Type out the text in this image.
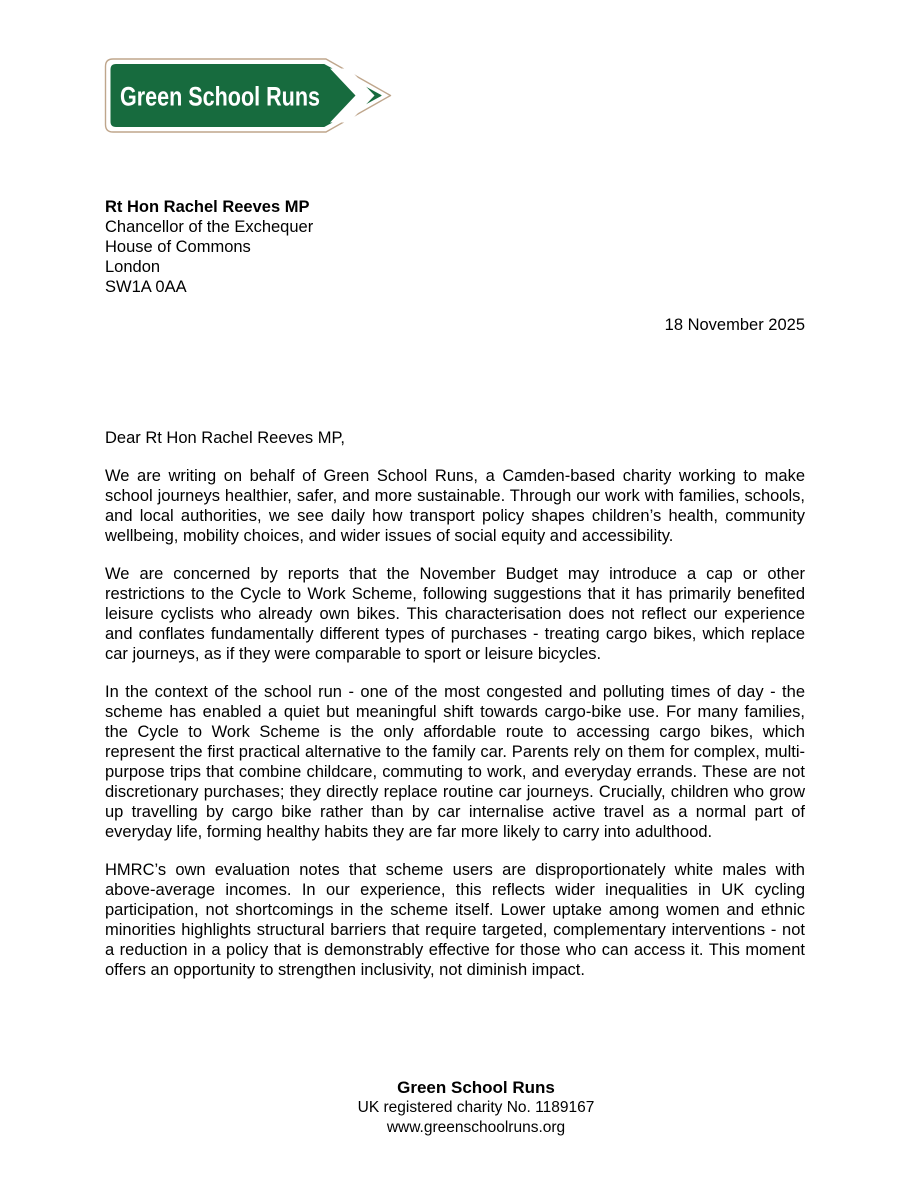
Green School Runs
Rt Hon Rachel Reeves MP
Chancellor of the Exchequer
House of Commons
London
SW1A 0AA
18 November 2025

Dear Rt Hon Rachel Reeves MP,

We are writing on behalf of Green School Runs, a Camden-based charity working to make school journeys healthier, safer, and more sustainable. Through our work with families, schools, and local authorities, we see daily how transport policy shapes children’s health, community wellbeing, mobility choices, and wider issues of social equity and accessibility.

We are concerned by reports that the November Budget may introduce a cap or other restrictions to the Cycle to Work Scheme, following suggestions that it has primarily benefited leisure cyclists who already own bikes. This characterisation does not reflect our experience and conflates fundamentally different types of purchases - treating cargo bikes, which replace car journeys, as if they were comparable to sport or leisure bicycles.

In the context of the school run - one of the most congested and polluting times of day - the scheme has enabled a quiet but meaningful shift towards cargo-bike use. For many families, the Cycle to Work Scheme is the only affordable route to accessing cargo bikes, which represent the first practical alternative to the family car. Parents rely on them for complex, multi-purpose trips that combine childcare, commuting to work, and everyday errands. These are not discretionary purchases; they directly replace routine car journeys. Crucially, children who grow up travelling by cargo bike rather than by car internalise active travel as a normal part of everyday life, forming healthy habits they are far more likely to carry into adulthood.

HMRC’s own evaluation notes that scheme users are disproportionately white males with above-average incomes. In our experience, this reflects wider inequalities in UK cycling participation, not shortcomings in the scheme itself. Lower uptake among women and ethnic minorities highlights structural barriers that require targeted, complementary interventions - not a reduction in a policy that is demonstrably effective for those who can access it. This moment offers an opportunity to strengthen inclusivity, not diminish impact.

Green School Runs
UK registered charity No. 1189167
www.greenschoolruns.org
